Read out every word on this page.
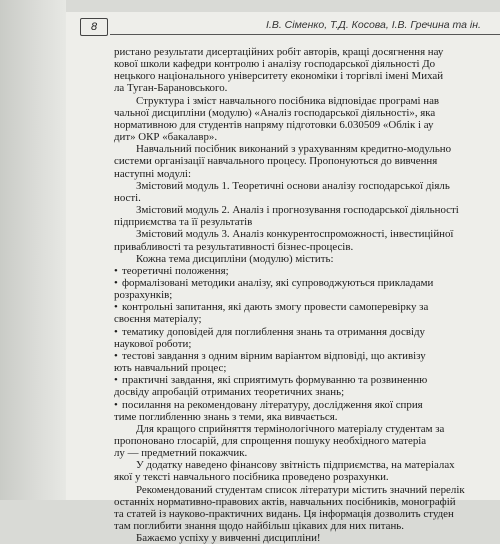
8	І.В. Сіменко, Т.Д. Косова, І.В. Гречина та ін.

ристано результати дисертаційних робіт авторів, кращі досягнення нау

кової школи кафедри контролю і аналізу господарської діяльності До

нецького національного університету економіки і торгівлі імені Михай

ла Туган-Барановського.

Структура і зміст навчального посібника відповідає програмі нав

чальної дисципліни (модулю) «Аналіз господарської діяльності», яка

нормативною для студентів напряму підготовки 6.030509 «Облік і ау

дит» ОКР «бакалавр».

Навчальний посібник виконаний з урахуванням кредитно-модульно

системи організації навчального процесу. Пропонуються до вивчення

наступні модулі:

Змістовий модуль 1. Теоретичні основи аналізу господарської діяль

ності.

Змістовий модуль 2. Аналіз і прогнозування господарської діяльності

підприємства та її результатів

Змістовий модуль 3. Аналіз конкурентоспроможності, інвестиційної

привабливості та результативності бізнес-процесів.

Кожна тема дисципліни (модулю) містить:

• теоретичні положення;

• формалізовані методики аналізу, які супроводжуються прикладами

розрахунків;

• контрольні запитання, які дають змогу провести самоперевірку за

своєння матеріалу;

• тематику доповідей для поглиблення знань та отримання досвіду

наукової роботи;

• тестові завдання з одним вірним варіантом відповіді, що активізу

ють навчальний процес;

• практичні завдання, які сприятимуть формуванню та розвиненню

досвіду апробацій отриманих теоретичних знань;

• посилання на рекомендовану літературу, дослідження якої сприя

тиме поглибленню знань з теми, яка вивчається.

Для кращого сприйняття термінологічного матеріалу студентам за

пропоновано глосарій, для спрощення пошуку необхідного матеріа

лу — предметний покажчик.

У додатку наведено фінансову звітність підприємства, на матеріалах

якої у тексті навчального посібника проведено розрахунки.

Рекомендований студентам список літератури містить значний перелік

останніх нормативно-правових актів, навчальних посібників, монографій

та статей із науково-практичних видань. Ця інформація дозволить студен

там поглибити знання щодо найбільш цікавих для них питань.

Бажаємо успіху у вивченні дисципліни!
